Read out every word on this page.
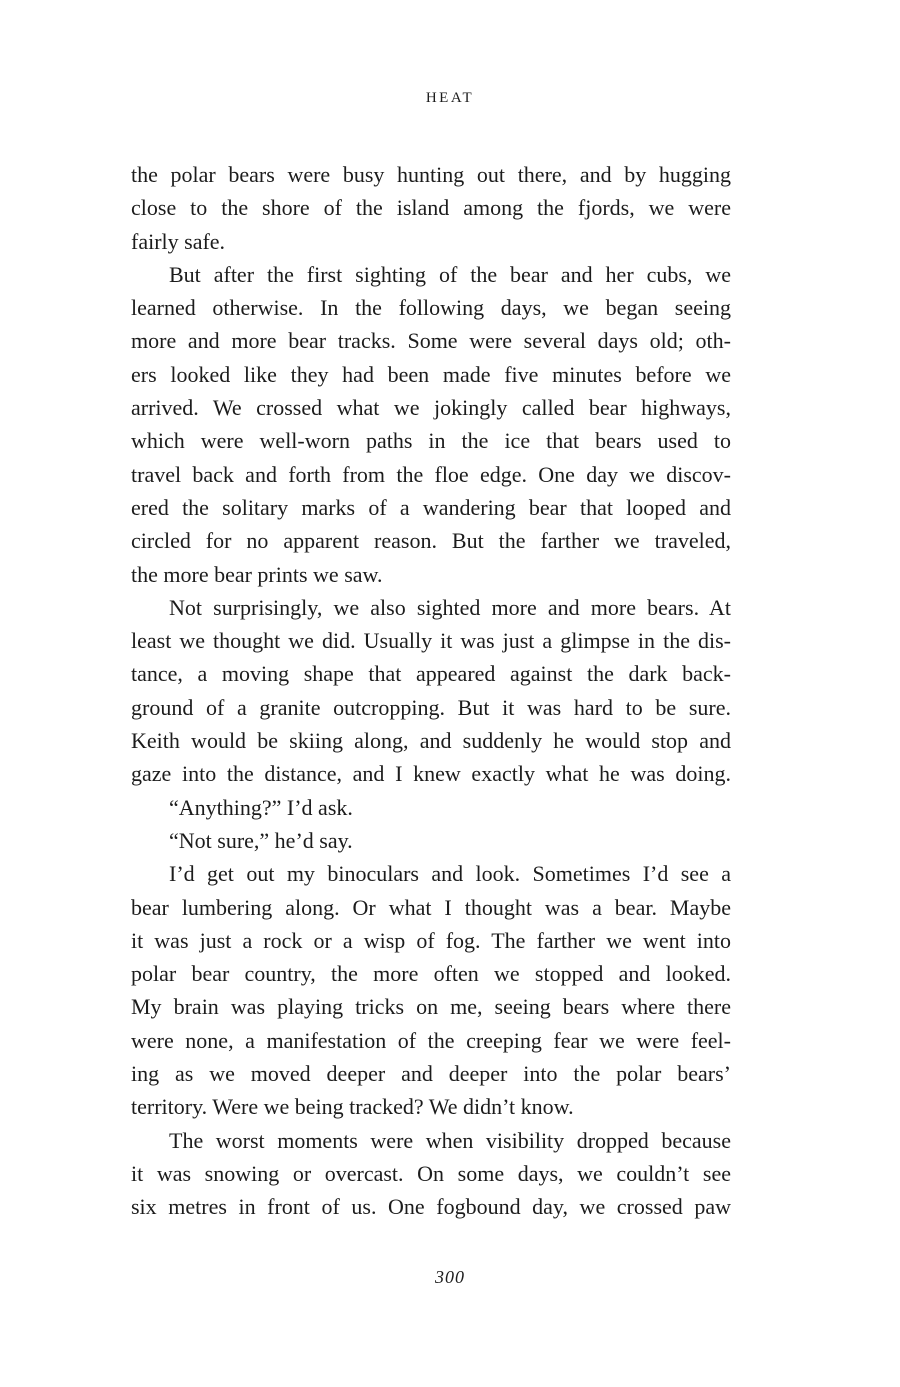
HEAT
the polar bears were busy hunting out there, and by hugging
close to the shore of the island among the fjords, we were
fairly safe.
But after the first sighting of the bear and her cubs, we
learned otherwise. In the following days, we began seeing
more and more bear tracks. Some were several days old; oth-
ers looked like they had been made five minutes before we
arrived. We crossed what we jokingly called bear highways,
which were well-worn paths in the ice that bears used to
travel back and forth from the floe edge. One day we discov-
ered the solitary marks of a wandering bear that looped and
circled for no apparent reason. But the farther we traveled,
the more bear prints we saw.
Not surprisingly, we also sighted more and more bears. At
least we thought we did. Usually it was just a glimpse in the dis-
tance, a moving shape that appeared against the dark back-
ground of a granite outcropping. But it was hard to be sure.
Keith would be skiing along, and suddenly he would stop and
gaze into the distance, and I knew exactly what he was doing.
“Anything?” I’d ask.
“Not sure,” he’d say.
I’d get out my binoculars and look. Sometimes I’d see a
bear lumbering along. Or what I thought was a bear. Maybe
it was just a rock or a wisp of fog. The farther we went into
polar bear country, the more often we stopped and looked.
My brain was playing tricks on me, seeing bears where there
were none, a manifestation of the creeping fear we were feel-
ing as we moved deeper and deeper into the polar bears’
territory. Were we being tracked? We didn’t know.
The worst moments were when visibility dropped because
it was snowing or overcast. On some days, we couldn’t see
six metres in front of us. One fogbound day, we crossed paw
300
